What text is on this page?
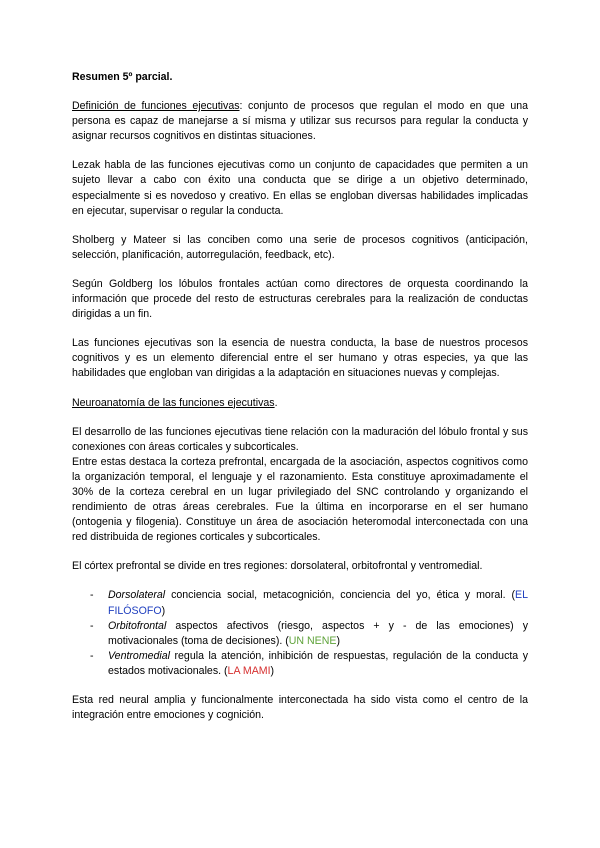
Resumen 5º parcial.

Definición de funciones ejecutivas: conjunto de procesos que regulan el modo en que una persona es capaz de manejarse a sí misma y utilizar sus recursos para regular la conducta y asignar recursos cognitivos en distintas situaciones.

Lezak habla de las funciones ejecutivas como un conjunto de capacidades que permiten a un sujeto llevar a cabo con éxito una conducta que se dirige a un objetivo determinado, especialmente si es novedoso y creativo. En ellas se engloban diversas habilidades implicadas en ejecutar, supervisar o regular la conducta.

Sholberg y Mateer si las conciben como una serie de procesos cognitivos (anticipación, selección, planificación, autorregulación, feedback, etc).

Según Goldberg los lóbulos frontales actúan como directores de orquesta coordinando la información que procede del resto de estructuras cerebrales para la realización de conductas dirigidas a un fin.

Las funciones ejecutivas son la esencia de nuestra conducta, la base de nuestros procesos cognitivos y es un elemento diferencial entre el ser humano y otras especies, ya que las habilidades que engloban van dirigidas a la adaptación en situaciones nuevas y complejas.

Neuroanatomía de las funciones ejecutivas.

El desarrollo de las funciones ejecutivas tiene relación con la maduración del lóbulo frontal y sus conexiones con áreas corticales y subcorticales.

Entre estas destaca la corteza prefrontal, encargada de la asociación, aspectos cognitivos como la organización temporal, el lenguaje y el razonamiento. Esta constituye aproximadamente el 30% de la corteza cerebral en un lugar privilegiado del SNC controlando y organizando el rendimiento de otras áreas cerebrales. Fue la última en incorporarse en el ser humano (ontogenia y filogenia). Constituye un área de asociación heteromodal interconectada con una red distribuida de regiones corticales y subcorticales.

El córtex prefrontal se divide en tres regiones: dorsolateral, orbitofrontal y ventromedial.

- Dorsolateral conciencia social, metacognición, conciencia del yo, ética y moral. (EL FILÓSOFO)
- Orbitofrontal aspectos afectivos (riesgo, aspectos + y - de las emociones) y motivacionales (toma de decisiones). (UN NENE)
- Ventromedial regula la atención, inhibición de respuestas, regulación de la conducta y estados motivacionales. (LA MAMI)

Esta red neural amplia y funcionalmente interconectada ha sido vista como el centro de la integración entre emociones y cognición.
